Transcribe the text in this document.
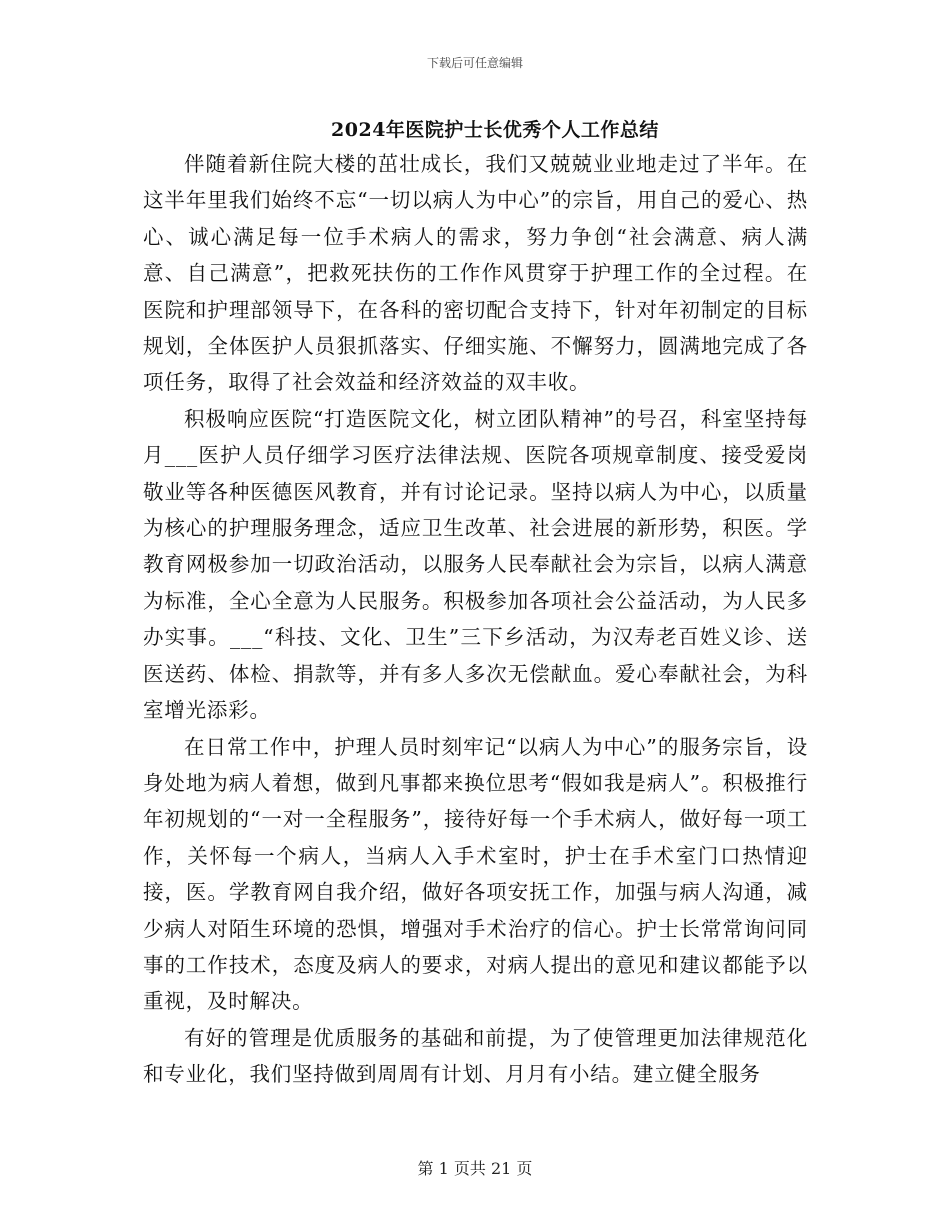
下载后可任意编辑
2024年医院护士长优秀个人工作总结

伴随着新住院大楼的茁壮成长，我们又兢兢业业地走过了半年。在这半年里我们始终不忘“一切以病人为中心”的宗旨，用自己的爱心、热心、诚心满足每一位手术病人的需求，努力争创“社会满意、病人满意、自己满意”，把救死扶伤的工作作风贯穿于护理工作的全过程。在医院和护理部领导下，在各科的密切配合支持下，针对年初制定的目标规划，全体医护人员狠抓落实、仔细实施、不懈努力，圆满地完成了各项任务，取得了社会效益和经济效益的双丰收。

积极响应医院“打造医院文化，树立团队精神”的号召，科室坚持每月___医护人员仔细学习医疗法律法规、医院各项规章制度、接受爱岗敬业等各种医德医风教育，并有讨论记录。坚持以病人为中心，以质量为核心的护理服务理念，适应卫生改革、社会进展的新形势，积医。学教育网极参加一切政治活动，以服务人民奉献社会为宗旨，以病人满意为标准，全心全意为人民服务。积极参加各项社会公益活动，为人民多办实事。___“科技、文化、卫生”三下乡活动，为汉寿老百姓义诊、送医送药、体检、捐款等，并有多人多次无偿献血。爱心奉献社会，为科室增光添彩。

在日常工作中，护理人员时刻牢记“以病人为中心”的服务宗旨，设身处地为病人着想，做到凡事都来换位思考“假如我是病人”。积极推行年初规划的“一对一全程服务”，接待好每一个手术病人，做好每一项工作，关怀每一个病人，当病人入手术室时，护士在手术室门口热情迎接，医。学教育网自我介绍，做好各项安抚工作，加强与病人沟通，减少病人对陌生环境的恐惧，增强对手术治疗的信心。护士长常常询问同事的工作技术，态度及病人的要求，对病人提出的意见和建议都能予以重视，及时解决。

有好的管理是优质服务的基础和前提，为了使管理更加法律规范化和专业化，我们坚持做到周周有计划、月月有小结。建立健全服务

第 1 页共 21 页
